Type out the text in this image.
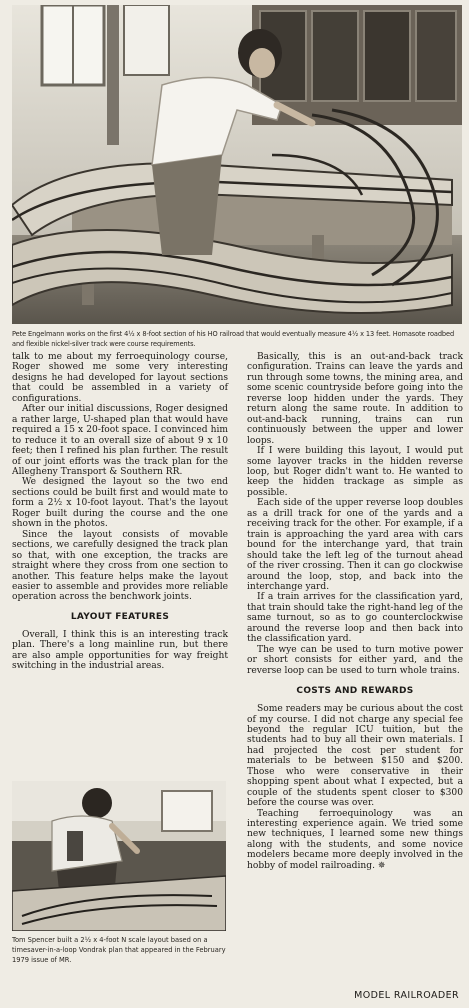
Pete Engelmann works on the first 4½ x 8-foot section of his HO railroad that would eventually measure 4½ x 13 feet. Homasote roadbed and flexible nickel-silver track were course requirements.

talk to me about my ferroequinology course, Roger showed me some very interesting designs he had developed for layout sections that could be assembled in a variety of configurations.

After our initial discussions, Roger designed a rather large, U-shaped plan that would have required a 15 x 20-foot space. I convinced him to reduce it to an overall size of about 9 x 10 feet; then I refined his plan further. The result of our joint efforts was the track plan for the Allegheny Transport & Southern RR.

We designed the layout so the two end sections could be built first and would mate to form a 2½ x 10-foot layout. That's the layout Roger built during the course and the one shown in the photos.

Since the layout consists of movable sections, we carefully designed the track plan so that, with one exception, the tracks are straight where they cross from one section to another. This feature helps make the layout easier to assemble and provides more reliable operation across the benchwork joints.

LAYOUT FEATURES

Overall, I think this is an interesting track plan. There's a long mainline run, but there are also ample opportunities for way freight switching in the industrial areas.

Tom Spencer built a 2½ x 4-foot N scale layout based on a timesaver-in-a-loop Vondrak plan that appeared in the February 1979 issue of MR.

Basically, this is an out-and-back track configuration. Trains can leave the yards and run through some towns, the mining area, and some scenic countryside before going into the reverse loop hidden under the yards. They return along the same route. In addition to out-and-back running, trains can run continuously between the upper and lower loops.

If I were building this layout, I would put some layover tracks in the hidden reverse loop, but Roger didn't want to. He wanted to keep the hidden trackage as simple as possible.

Each side of the upper reverse loop doubles as a drill track for one of the yards and a receiving track for the other. For example, if a train is approaching the yard area with cars bound for the interchange yard, that train should take the left leg of the turnout ahead of the river crossing. Then it can go clockwise around the loop, stop, and back into the interchange yard.

If a train arrives for the classification yard, that train should take the right-hand leg of the same turnout, so as to go counterclockwise around the reverse loop and then back into the classification yard.

The wye can be used to turn motive power or short consists for either yard, and the reverse loop can be used to turn whole trains.

COSTS AND REWARDS

Some readers may be curious about the cost of my course. I did not charge any special fee beyond the regular ICU tuition, but the students had to buy all their own materials. I had projected the cost per student for materials to be between $150 and $200. Those who were conservative in their shopping spent about what I expected, but a couple of the students spent closer to $300 before the course was over.

Teaching ferroequinology was an interesting experience again. We tried some new techniques, I learned some new things along with the students, and some novice modelers became more deeply involved in the hobby of model railroading. ✵

MODEL RAILROADER
